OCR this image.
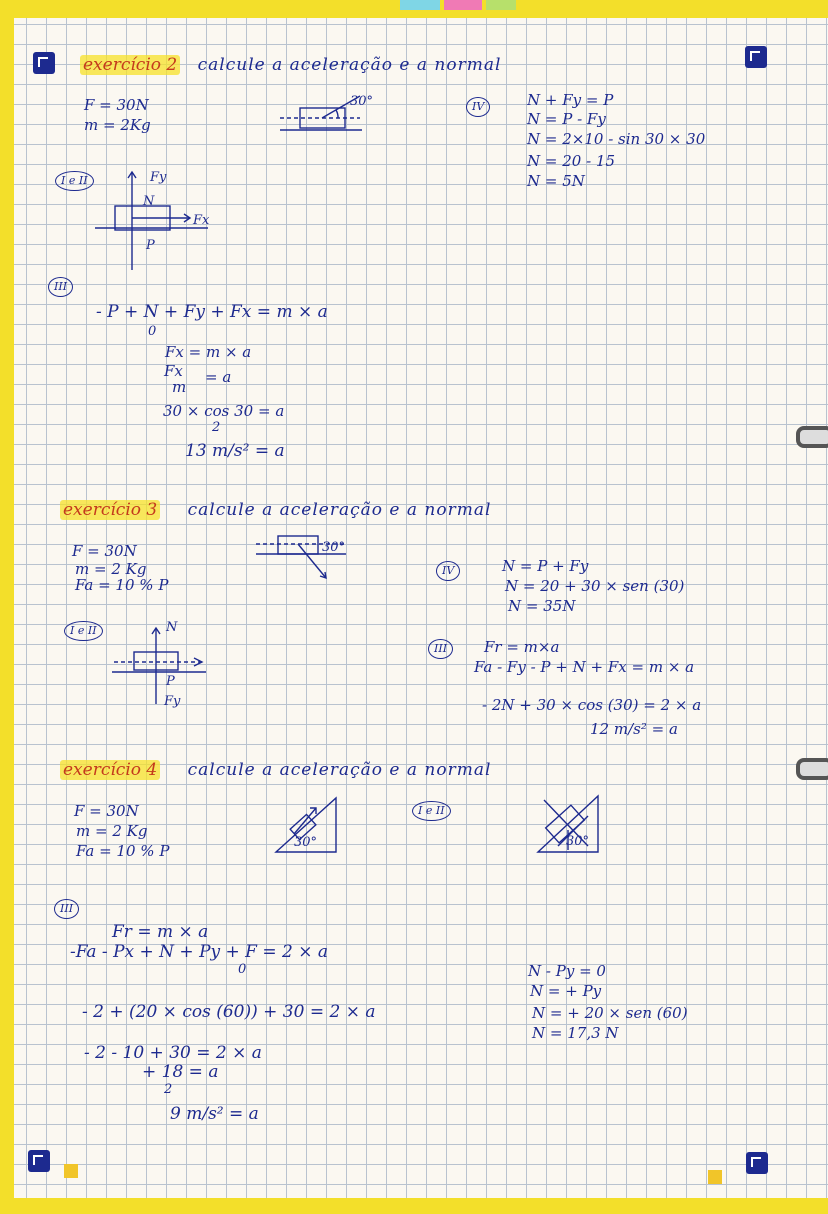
exercício 2 calcule a aceleração e a normal
F = 30N
m = 2Kg
30°
I e II	Fy
N
Fx
P
III
- P + N + Fy + Fx = m × a
0
Fx = m × a
Fx
m
= a
30 × cos 30
2
= a
13 m/s² = a
IV	N + Fy = P
N = P - Fy
N = 2×10 - sin 30 × 30
N = 20 - 15
N = 5N
exercício 3 calcule a aceleração e a normal
F = 30N
m = 2 Kg
Fa = 10 % P
30°
I e II	N
P
Fy
IV	N = P + Fy
N = 20 + 30 × sen (30)
N = 35N
III	Fr = m×a
Fa - Fy - P + N + Fx = m × a
- 2N + 30 × cos (30) = 2 × a
12 m/s² = a
exercício 4 calcule a aceleração e a normal
F = 30N
m = 2 Kg
Fa = 10 % P	30°
I e II
30°
III
Fr = m × a
-Fa - Px + N + Py + F = 2 × a
0
- 2 + (20 × cos (60)) + 30 = 2 × a
- 2 - 10 + 30 = 2 × a
+ 18 = a
2
9 m/s² = a
N - Py = 0
N = + Py
N = + 20 × sen (60)
N = 17,3 N
